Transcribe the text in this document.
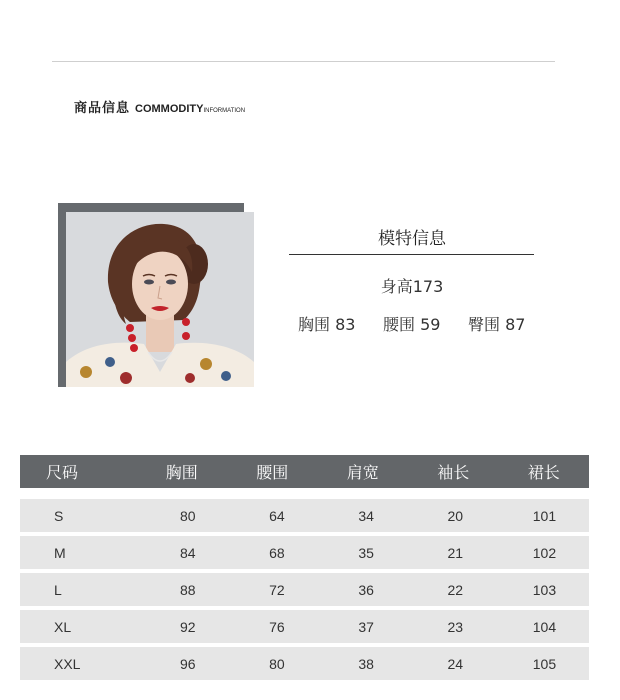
商品信息 COMMODITYINFORMATION
模特信息
身高173
胸围 83 腰围 59 臀围 87
尺码	胸围	腰围	肩宽	袖长	裙长
S	80	64	34	20	101
M	84	68	35	21	102
L	88	72	36	22	103
XL	92	76	37	23	104
XXL	96	80	38	24	105
